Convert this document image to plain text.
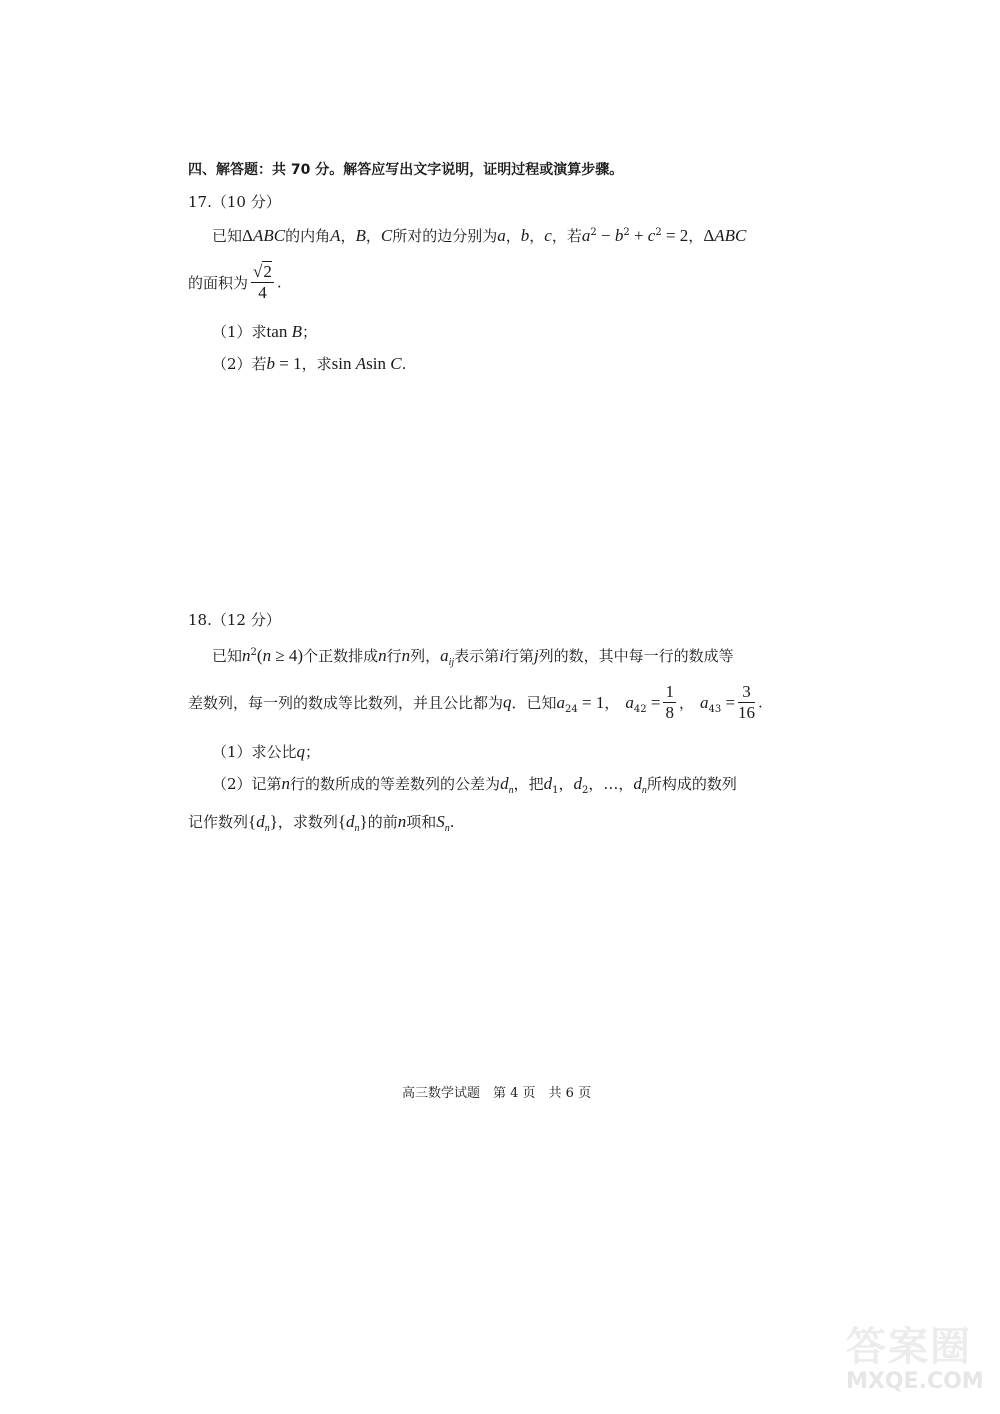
四、解答题：共 70 分。解答应写出文字说明，证明过程或演算步骤。
17.（10 分）
已知ΔABC的内角A，B，C所对的边分别为a，b，c，若$a^2 - b^2 + c^2 = 2$，ΔABC
的面积为 $\frac{√2}{4}$ .
（1）求tan B；
（2）若b = 1，求sin Asin C.
18.（12 分）
已知$n^2(n \ge 4)$个正数排成n行n列，$a_{ij}$表示第i行第j列的数，其中每一行的数成等
差数列，每一列的数成等比数列，并且公比都为q．已知$a_{24} = 1$， $a_{42} = \frac{1}{8}$ ， $a_{43} = \frac{3}{16}$ .
（1）求公比q；
（2）记第n行的数所成的等差数列的公差为$d_n$，把$d_1$，$d_2$，…，$d_n$所构成的数列
记作数列$\{d_n\}$，求数列$\{d_n\}$的前n项和$S_n$.
高三数学试题　第 4 页　共 6 页
答案圈
MXQE.COM
